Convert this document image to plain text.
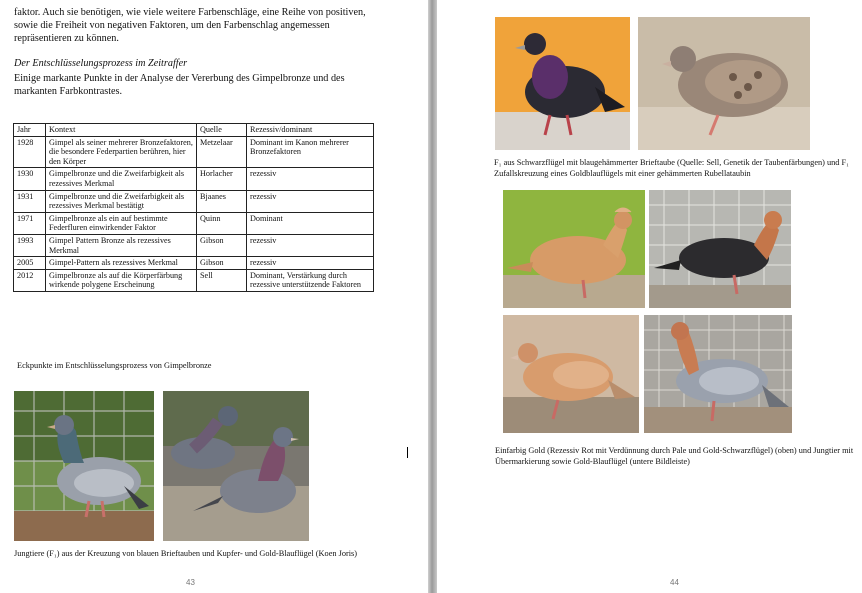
faktor. Auch sie benötigen, wie viele weitere Farbenschläge, eine Reihe von positiven, sowie die Freiheit von negativen Faktoren, um den Farbenschlag angemessen repräsentieren zu können.

Der Entschlüsselungsprozess im Zeitraffer

Einige markante Punkte in der Analyse der Vererbung des Gimpelbronze und des markanten Farbkontrastes.

Jahr	Kontext	Quelle	Rezessiv/dominant
1928	Gimpel als seiner mehrerer Bronzefaktoren, die besondere Federpartien berühren, hier den Körper	Metzelaar	Dominant im Kanon mehrerer Bronzefaktoren
1930	Gimpelbronze und die Zweifarbigkeit als rezessives Merkmal	Horlacher	rezessiv
1931	Gimpelbronze und die Zweifarbigkeit als rezessives Merkmal bestätigt	Bjaanes	rezessiv
1971	Gimpelbronze als ein auf bestimmte Federfluren einwirkender Faktor	Quinn	Dominant
1993	Gimpel Pattern Bronze als rezessives Merkmal	Gibson	rezessiv
2005	Gimpel-Pattern als rezessives Merkmal	Gibson	rezessiv
2012	Gimpelbronze als auf die Körperfärbung wirkende polygene Erscheinung	Sell	Dominant, Verstärkung durch rezessive unterstützende Faktoren

Eckpunkte im Entschlüsselungsprozess von Gimpelbronze

Jungtiere (F₁) aus der Kreuzung von blauen Brieftauben und Kupfer- und Gold-Blauflügel (Koen Joris)

43

F₁ aus Schwarzflügel mit blaugehämmerter Brieftaube (Quelle: Sell, Genetik der Taubenfärbungen) und F₁ Zufallskreuzung eines Goldblauflügels mit einer gehämmerten Rubellataubin

Einfarbig Gold (Rezessiv Rot mit Verdünnung durch Pale und Gold-Schwarzflügel) (oben) und Jungtier mit Übermarkierung sowie Gold-Blauflügel (untere Bildleiste)

44
